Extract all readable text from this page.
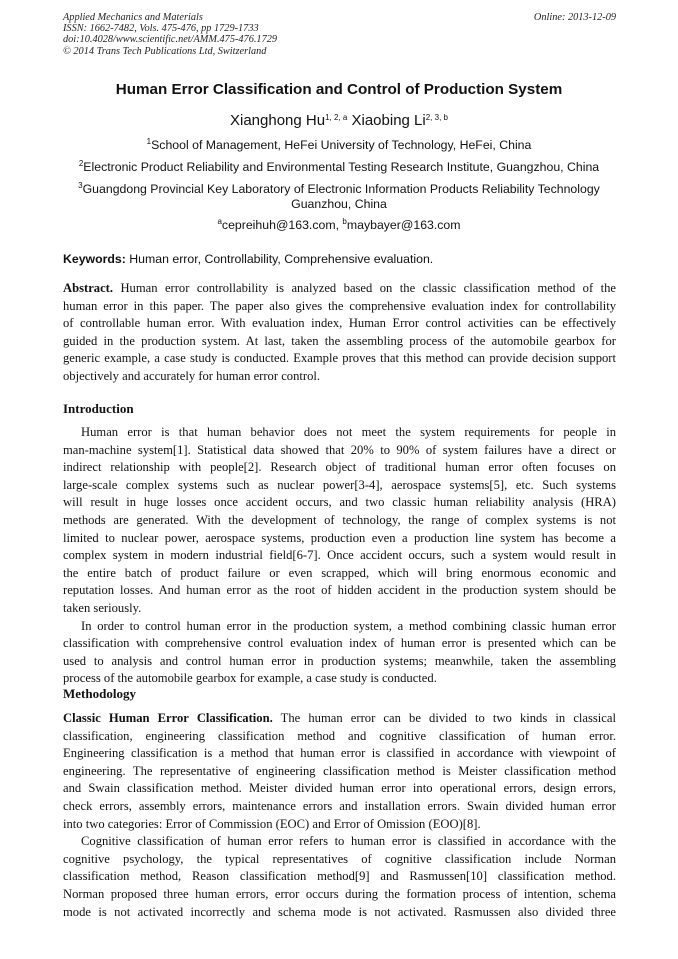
Applied Mechanics and Materials
ISSN: 1662-7482, Vols. 475-476, pp 1729-1733
doi:10.4028/www.scientific.net/AMM.475-476.1729
© 2014 Trans Tech Publications Ltd, Switzerland
Online: 2013-12-09
Human Error Classification and Control of Production System
Xianghong Hu$^{1, 2, a}$ Xiaobing Li$^{2, 3, b}$
$^1$School of Management, HeFei University of Technology, HeFei, China
$^2$Electronic Product Reliability and Environmental Testing Research Institute, Guangzhou, China
$^3$Guangdong Provincial Key Laboratory of Electronic Information Products Reliability Technology
Guanzhou, China
$^a$cepreihuh@163.com, $^b$maybayer@163.com
Keywords: Human error, Controllability, Comprehensive evaluation.
Abstract. Human error controllability is analyzed based on the classic classification method of the
human error in this paper. The paper also gives the comprehensive evaluation index for controllability
of controllable human error. With evaluation index, Human Error control activities can be effectively
guided in the production system. At last, taken the assembling process of the automobile gearbox for
generic example, a case study is conducted. Example proves that this method can provide decision support
objectively and accurately for human error control.
Introduction
Human error is that human behavior does not meet the system requirements for people in
man-machine system[1]. Statistical data showed that 20% to 90% of system failures have a direct or
indirect relationship with people[2]. Research object of traditional human error often focuses on
large-scale complex systems such as nuclear power[3-4], aerospace systems[5], etc. Such systems
will result in huge losses once accident occurs, and two classic human reliability analysis (HRA)
methods are generated. With the development of technology, the range of complex systems is not
limited to nuclear power, aerospace systems, production even a production line system has become a
complex system in modern industrial field[6-7]. Once accident occurs, such a system would result in
the entire batch of product failure or even scrapped, which will bring enormous economic and
reputation losses. And human error as the root of hidden accident in the production system should be
taken seriously.
In order to control human error in the production system, a method combining classic human error
classification with comprehensive control evaluation index of human error is presented which can be
used to analysis and control human error in production systems; meanwhile, taken the assembling
process of the automobile gearbox for example, a case study is conducted.
Methodology
Classic Human Error Classification. The human error can be divided to two kinds in classical
classification, engineering classification method and cognitive classification of human error.
Engineering classification is a method that human error is classified in accordance with viewpoint of
engineering. The representative of engineering classification method is Meister classification method
and Swain classification method. Meister divided human error into operational errors, design errors,
check errors, assembly errors, maintenance errors and installation errors. Swain divided human error
into two categories: Error of Commission (EOC) and Error of Omission (EOO)[8].
Cognitive classification of human error refers to human error is classified in accordance with the
cognitive psychology, the typical representatives of cognitive classification include Norman
classification method, Reason classification method[9] and Rasmussen[10] classification method.
Norman proposed three human errors, error occurs during the formation process of intention, schema
mode is not activated incorrectly and schema mode is not activated. Rasmussen also divided three
